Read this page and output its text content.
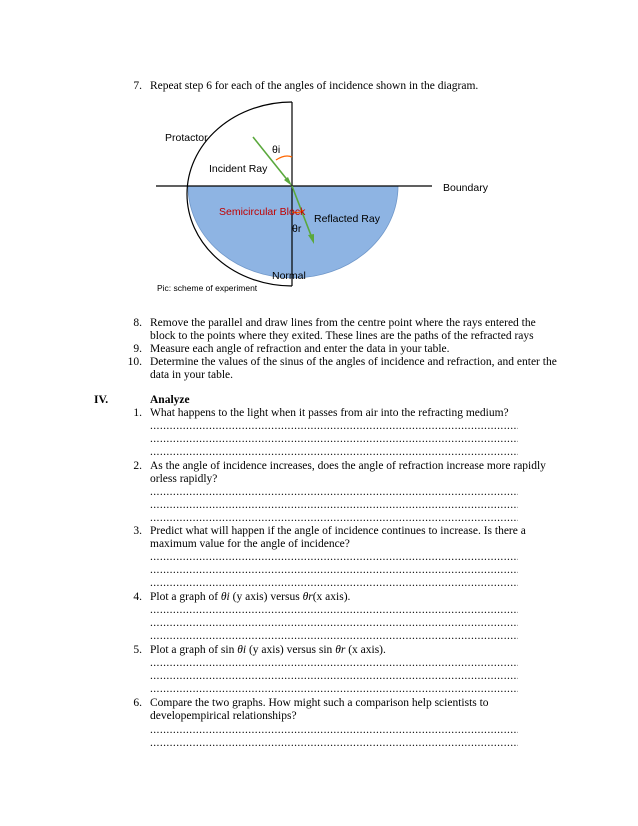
7. Repeat step 6 for each of the angles of incidence shown in the diagram.
Protactor
θi
Incident Ray
Boundary
Semicircular Block
Reflacted Ray
θr
Normal
Pic: scheme of experiment
8. Remove the parallel and draw lines from the centre point where the rays entered the
block to the points where they exited. These lines are the paths of the refracted rays
9. Measure each angle of refraction and enter the data in your table.
10. Determine the values of the sinus of the angles of incidence and refraction, and enter the
data in your table.
IV.	Analyze
1. What happens to the light when it passes from air into the refracting medium?
.....
.....
.....
2. As the angle of incidence increases, does the angle of refraction increase more rapidly
orless rapidly?
.....
.....
.....
3. Predict what will happen if the angle of incidence continues to increase. Is there a
maximum value for the angle of incidence?
.....
.....
.....
4. Plot a graph of θi (y axis) versus θr(x axis).
.....
.....
.....
5. Plot a graph of sin θi (y axis) versus sin θr (x axis).
.....
.....
.....
6. Compare the two graphs. How might such a comparison help scientists to
developempirical relationships?
.....
.....
